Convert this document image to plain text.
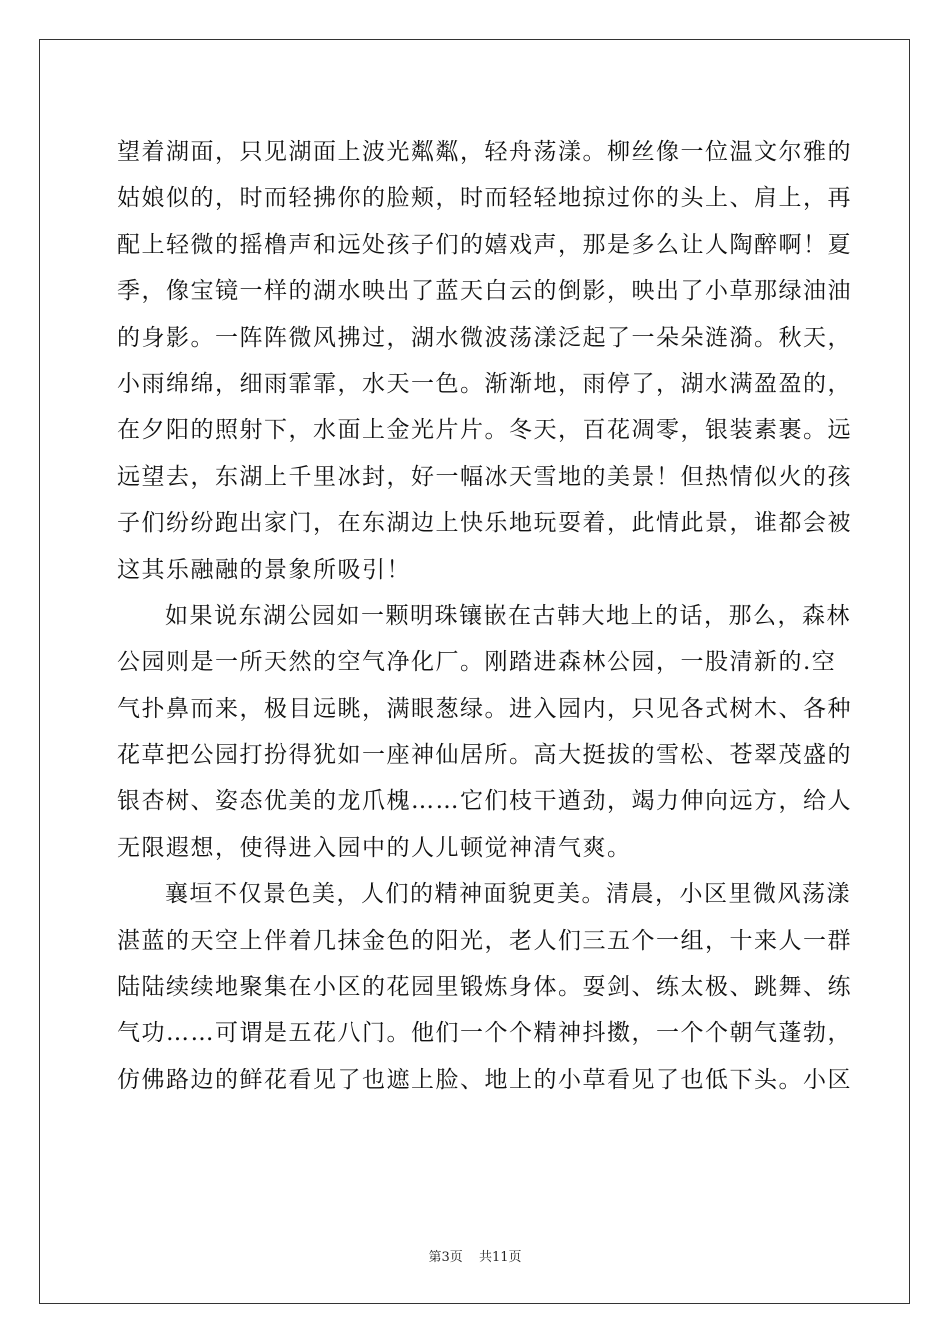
望着湖面，只见湖面上波光粼粼，轻舟荡漾。柳丝像一位温文尔雅的
姑娘似的，时而轻拂你的脸颊，时而轻轻地掠过你的头上、肩上，再
配上轻微的摇橹声和远处孩子们的嬉戏声，那是多么让人陶醉啊！夏
季，像宝镜一样的湖水映出了蓝天白云的倒影，映出了小草那绿油油
的身影。一阵阵微风拂过，湖水微波荡漾泛起了一朵朵涟漪。秋天，
小雨绵绵，细雨霏霏，水天一色。渐渐地，雨停了，湖水满盈盈的，
在夕阳的照射下，水面上金光片片。冬天，百花凋零，银装素裹。远
远望去，东湖上千里冰封，好一幅冰天雪地的美景！但热情似火的孩
子们纷纷跑出家门，在东湖边上快乐地玩耍着，此情此景，谁都会被
这其乐融融的景象所吸引！
如果说东湖公园如一颗明珠镶嵌在古韩大地上的话，那么，森林
公园则是一所天然的空气净化厂。刚踏进森林公园，一股清新的.空
气扑鼻而来，极目远眺，满眼葱绿。进入园内，只见各式树木、各种
花草把公园打扮得犹如一座神仙居所。高大挺拔的雪松、苍翠茂盛的
银杏树、姿态优美的龙爪槐……它们枝干遒劲，竭力伸向远方，给人
无限遐想，使得进入园中的人儿顿觉神清气爽。
襄垣不仅景色美，人们的精神面貌更美。清晨，小区里微风荡漾
湛蓝的天空上伴着几抹金色的阳光，老人们三五个一组，十来人一群
陆陆续续地聚集在小区的花园里锻炼身体。耍剑、练太极、跳舞、练
气功……可谓是五花八门。他们一个个精神抖擞，一个个朝气蓬勃，
仿佛路边的鲜花看见了也遮上脸、地上的小草看见了也低下头。小区
第3页 共11页
